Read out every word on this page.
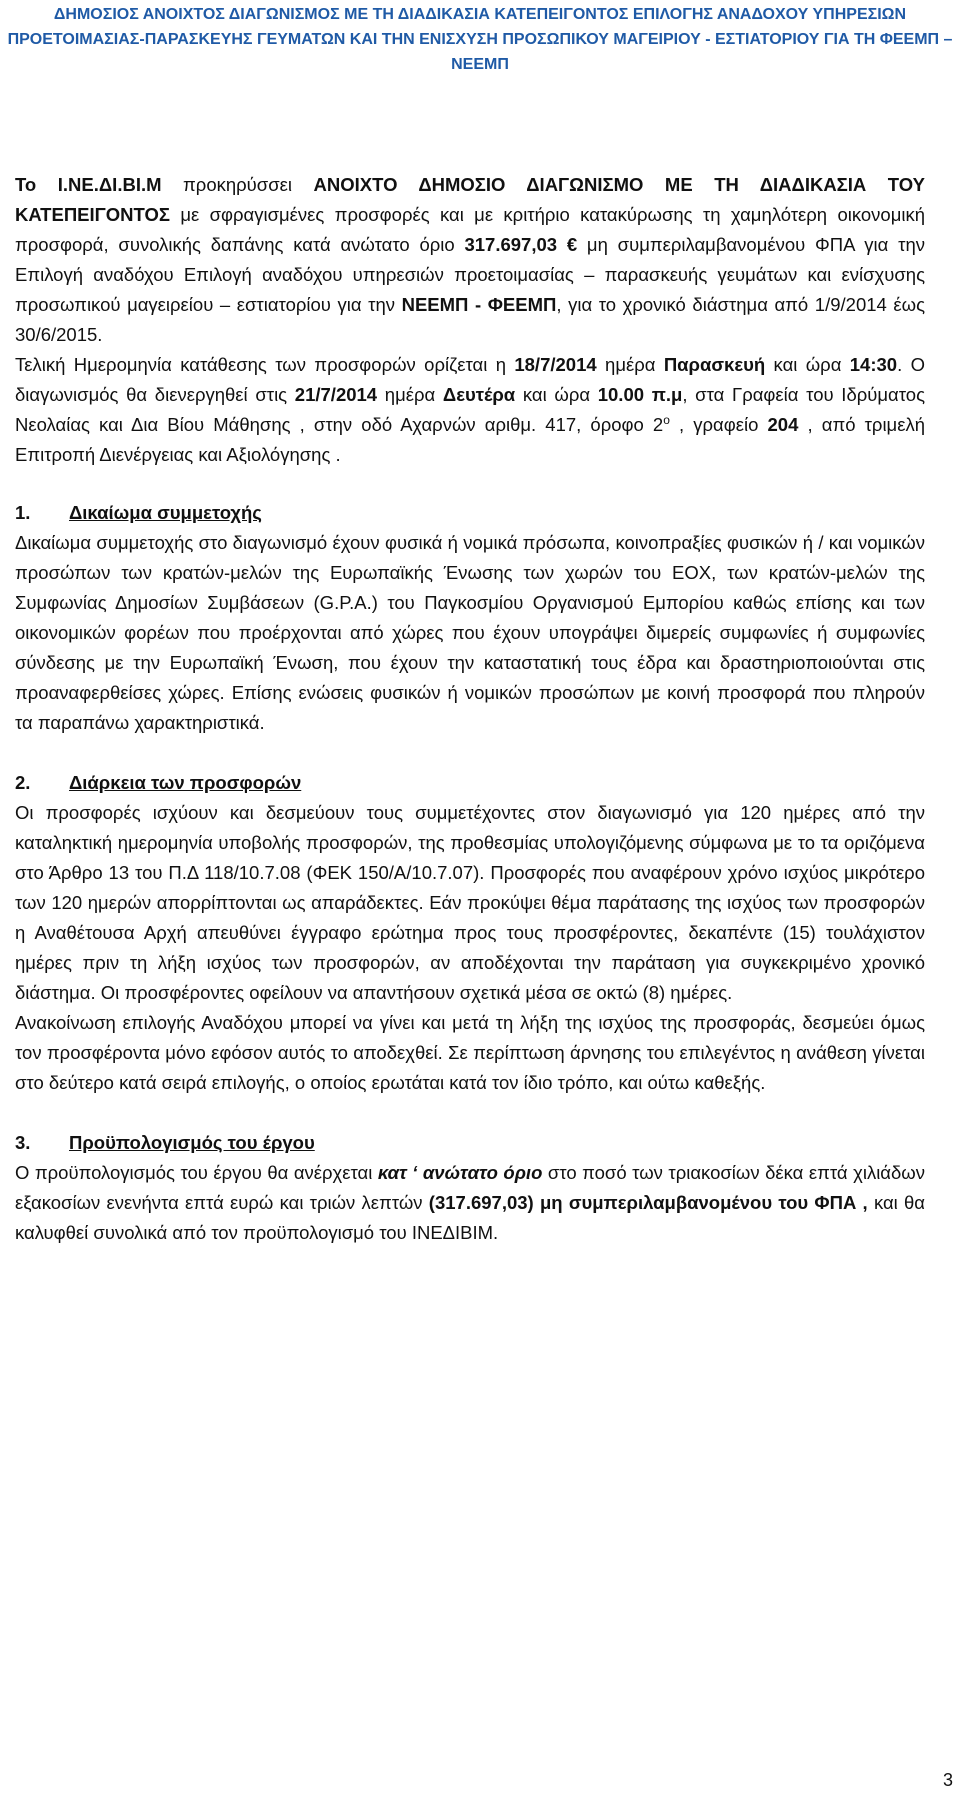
ΔΗΜΟΣΙΟΣ ΑΝΟΙΧΤΟΣ ΔΙΑΓΩΝΙΣΜΟΣ ΜΕ ΤΗ ΔΙΑΔΙΚΑΣΙΑ ΚΑΤΕΠΕΙΓΟΝΤΟΣ ΕΠΙΛΟΓΗΣ ΑΝΑΔΟΧΟΥ ΥΠΗΡΕΣΙΩΝ
ΠΡΟΕΤΟΙΜΑΣΙΑΣ-ΠΑΡΑΣΚΕΥΗΣ ΓΕΥΜΑΤΩΝ ΚΑΙ ΤΗΝ ΕΝΙΣΧΥΣΗ ΠΡΟΣΩΠΙΚΟΥ ΜΑΓΕΙΡΙΟΥ - ΕΣΤΙΑΤΟΡΙΟΥ ΓΙΑ ΤΗ ΦΕΕΜΠ –
ΝΕΕΜΠ

Το Ι.ΝΕ.ΔΙ.ΒΙ.Μ προκηρύσσει ΑΝΟΙΧΤΟ ΔΗΜΟΣΙΟ ΔΙΑΓΩΝΙΣΜΟ ΜΕ ΤΗ ΔΙΑΔΙΚΑΣΙΑ ΤΟΥ ΚΑΤΕΠΕΙΓΟΝΤΟΣ με σφραγισμένες προσφορές και με κριτήριο κατακύρωσης τη χαμηλότερη οικονομική προσφορά, συνολικής δαπάνης κατά ανώτατο όριο 317.697,03 € μη συμπεριλαμβανομένου ΦΠΑ για την Επιλογή αναδόχου Επιλογή αναδόχου υπηρεσιών προετοιμασίας – παρασκευής γευμάτων και ενίσχυσης προσωπικού μαγειρείου – εστιατορίου για την ΝΕΕΜΠ - ΦΕΕΜΠ, για το χρονικό διάστημα από 1/9/2014 έως 30/6/2015.

Τελική Ημερομηνία κατάθεσης των προσφορών ορίζεται η 18/7/2014 ημέρα Παρασκευή και ώρα 14:30. Ο διαγωνισμός θα διενεργηθεί στις 21/7/2014 ημέρα Δευτέρα και ώρα 10.00 π.μ, στα Γραφεία του Ιδρύματος Νεολαίας και Δια Βίου Μάθησης , στην οδό Αχαρνών αριθμ. 417, όροφο $2^o$ , γραφείο 204 , από τριμελή Επιτροπή Διενέργειας και Αξιολόγησης .

1. Δικαίωμα συμμετοχής

Δικαίωμα συμμετοχής στο διαγωνισμό έχουν φυσικά ή νομικά πρόσωπα, κοινοπραξίες φυσικών ή / και νομικών προσώπων των κρατών-μελών της Ευρωπαϊκής Ένωσης των χωρών του ΕΟΧ, των κρατών-μελών της Συμφωνίας Δημοσίων Συμβάσεων (G.P.A.) του Παγκοσμίου Οργανισμού Εμπορίου καθώς επίσης και των οικονομικών φορέων που προέρχονται από χώρες που έχουν υπογράψει διμερείς συμφωνίες ή συμφωνίες σύνδεσης με την Ευρωπαϊκή Ένωση, που έχουν την καταστατική τους έδρα και δραστηριοποιούνται στις προαναφερθείσες χώρες. Επίσης ενώσεις φυσικών ή νομικών προσώπων με κοινή προσφορά που πληρούν τα παραπάνω χαρακτηριστικά.

2. Διάρκεια των προσφορών

Οι προσφορές ισχύουν και δεσμεύουν τους συμμετέχοντες στον διαγωνισμό για 120 ημέρες από την καταληκτική ημερομηνία υποβολής προσφορών, της προθεσμίας υπολογιζόμενης σύμφωνα με το τα οριζόμενα στο Άρθρο 13 του Π.Δ 118/10.7.08 (ΦΕΚ 150/Α/10.7.07). Προσφορές που αναφέρουν χρόνο ισχύος μικρότερο των 120 ημερών απορρίπτονται ως απαράδεκτες. Εάν προκύψει θέμα παράτασης της ισχύος των προσφορών η Αναθέτουσα Αρχή απευθύνει έγγραφο ερώτημα προς τους προσφέροντες, δεκαπέντε (15) τουλάχιστον ημέρες πριν τη λήξη ισχύος των προσφορών, αν αποδέχονται την παράταση για συγκεκριμένο χρονικό διάστημα. Οι προσφέροντες οφείλουν να απαντήσουν σχετικά μέσα σε οκτώ (8) ημέρες.

Ανακοίνωση επιλογής Αναδόχου μπορεί να γίνει και μετά τη λήξη της ισχύος της προσφοράς, δεσμεύει όμως τον προσφέροντα μόνο εφόσον αυτός το αποδεχθεί. Σε περίπτωση άρνησης του επιλεγέντος η ανάθεση γίνεται στο δεύτερο κατά σειρά επιλογής, ο οποίος ερωτάται κατά τον ίδιο τρόπο, και ούτω καθεξής.

3. Προϋπολογισμός του έργου

Ο προϋπολογισμός του έργου θα ανέρχεται κατ ‘ ανώτατο όριο στο ποσό των τριακοσίων δέκα επτά χιλιάδων εξακοσίων ενενήντα επτά ευρώ και τριών λεπτών (317.697,03) μη συμπεριλαμβανομένου του ΦΠΑ , και θα καλυφθεί συνολικά από τον προϋπολογισμό του ΙΝΕΔΙΒΙΜ.

3
